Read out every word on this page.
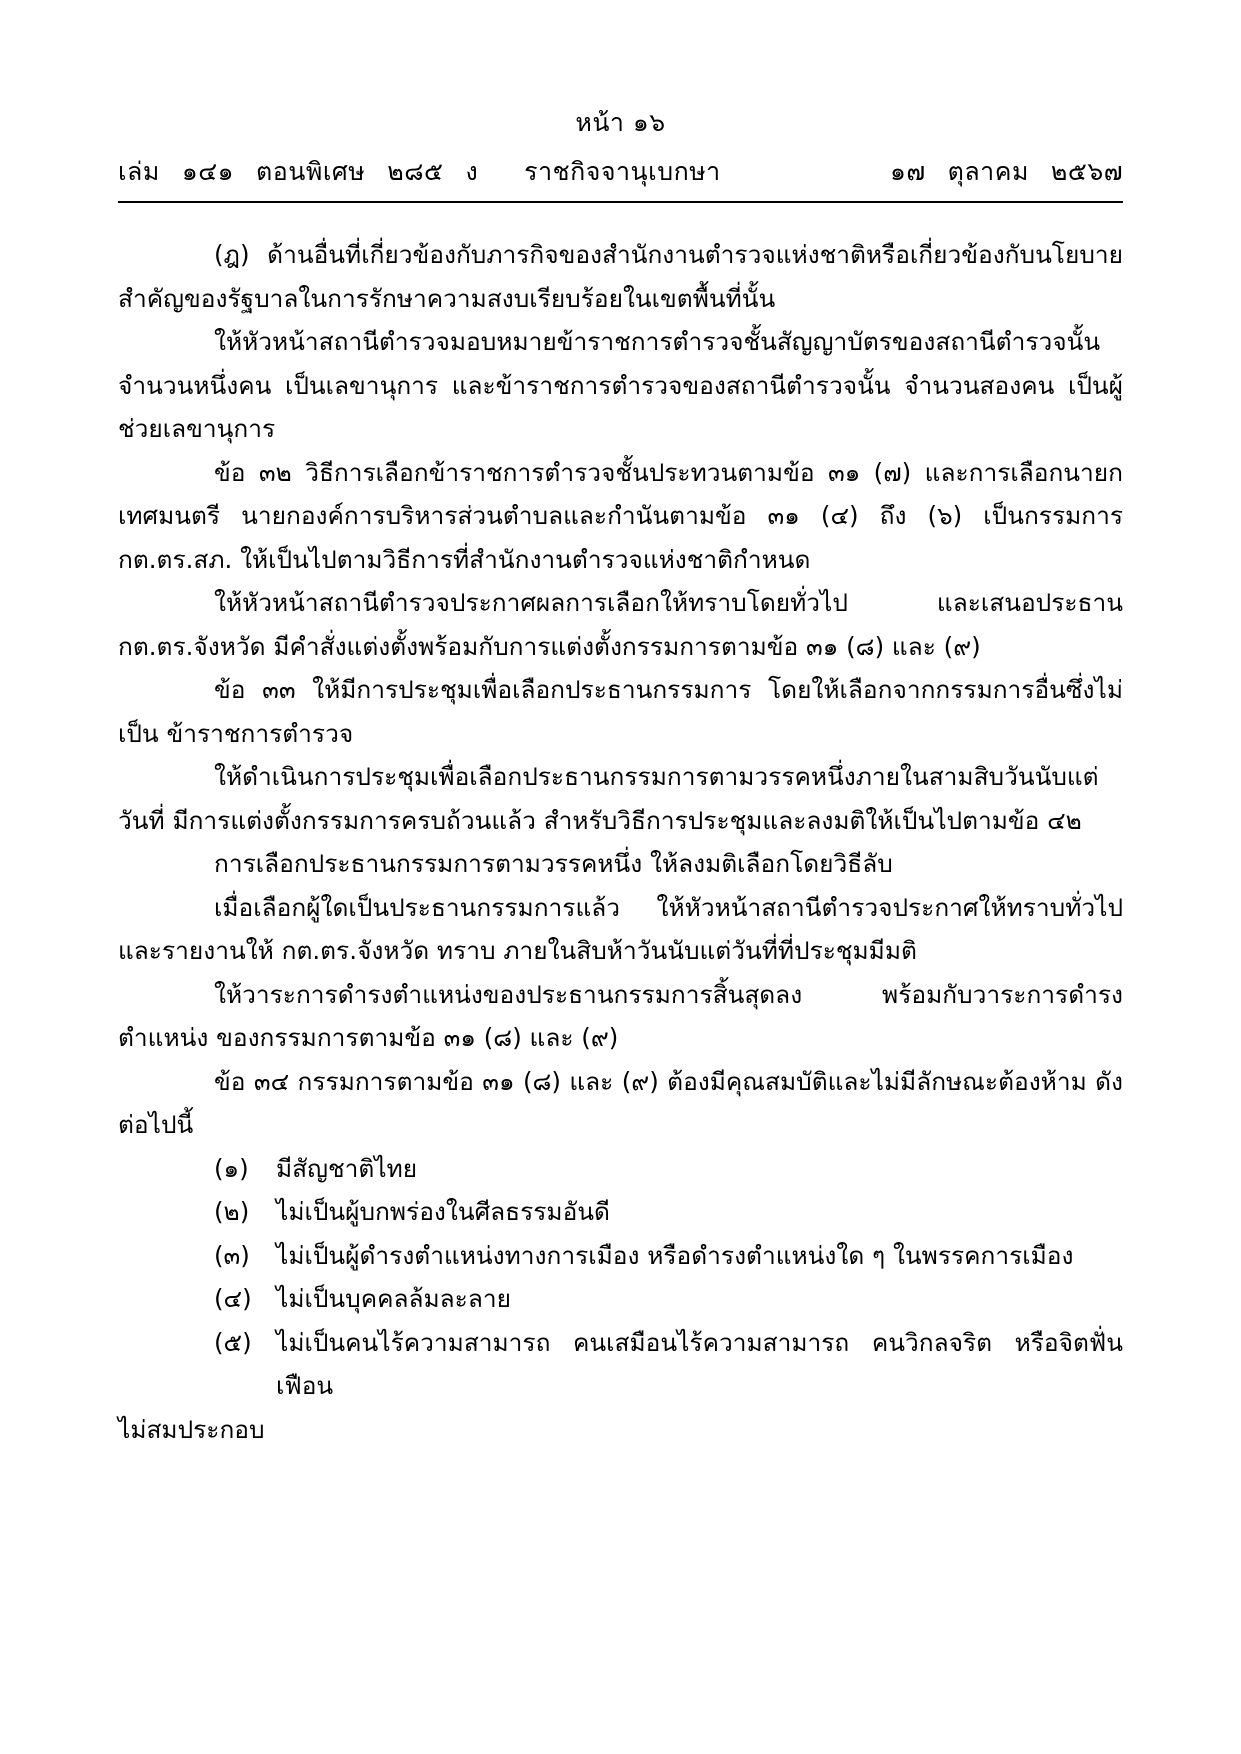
หน้า ๑๖
เล่ม ๑๔๑ ตอนพิเศษ ๒๘๕ ง ราชกิจจานุเบกษา	๑๗ ตุลาคม ๒๕๖๗

(ฎ) ด้านอื่นที่เกี่ยวข้องกับภารกิจของสำนักงานตำรวจแห่งชาติหรือเกี่ยวข้องกับนโยบายสำคัญของรัฐบาลในการรักษาความสงบเรียบร้อยในเขตพื้นที่นั้น

ให้หัวหน้าสถานีตำรวจมอบหมายข้าราชการตำรวจชั้นสัญญาบัตรของสถานีตำรวจนั้น จำนวนหนึ่งคน เป็นเลขานุการ และข้าราชการตำรวจของสถานีตำรวจนั้น จำนวนสองคน เป็นผู้ช่วยเลขานุการ

ข้อ ๓๒ วิธีการเลือกข้าราชการตำรวจชั้นประทวนตามข้อ ๓๑ (๗) และการเลือกนายกเทศมนตรี นายกองค์การบริหารส่วนตำบลและกำนันตามข้อ ๓๑ (๔) ถึง (๖) เป็นกรรมการ กต.ตร.สภ. ให้เป็นไปตามวิธีการที่สำนักงานตำรวจแห่งชาติกำหนด

ให้หัวหน้าสถานีตำรวจประกาศผลการเลือกให้ทราบโดยทั่วไป และเสนอประธาน กต.ตร.จังหวัด มีคำสั่งแต่งตั้งพร้อมกับการแต่งตั้งกรรมการตามข้อ ๓๑ (๘) และ (๙)

ข้อ ๓๓ ให้มีการประชุมเพื่อเลือกประธานกรรมการ โดยให้เลือกจากกรรมการอื่นซึ่งไม่เป็น ข้าราชการตำรวจ

ให้ดำเนินการประชุมเพื่อเลือกประธานกรรมการตามวรรคหนึ่งภายในสามสิบวันนับแต่วันที่ มีการแต่งตั้งกรรมการครบถ้วนแล้ว สำหรับวิธีการประชุมและลงมติให้เป็นไปตามข้อ ๔๒

การเลือกประธานกรรมการตามวรรคหนึ่ง ให้ลงมติเลือกโดยวิธีลับ

เมื่อเลือกผู้ใดเป็นประธานกรรมการแล้ว ให้หัวหน้าสถานีตำรวจประกาศให้ทราบทั่วไป และรายงานให้ กต.ตร.จังหวัด ทราบ ภายในสิบห้าวันนับแต่วันที่ที่ประชุมมีมติ

ให้วาระการดำรงตำแหน่งของประธานกรรมการสิ้นสุดลง พร้อมกับวาระการดำรงตำแหน่ง ของกรรมการตามข้อ ๓๑ (๘) และ (๙)

ข้อ ๓๔ กรรมการตามข้อ ๓๑ (๘) และ (๙) ต้องมีคุณสมบัติและไม่มีลักษณะต้องห้าม ดังต่อไปนี้

(๑)	มีสัญชาติไทย
(๒)	ไม่เป็นผู้บกพร่องในศีลธรรมอันดี
(๓)	ไม่เป็นผู้ดำรงตำแหน่งทางการเมือง หรือดำรงตำแหน่งใด ๆ ในพรรคการเมือง
(๔) ไม่เป็นบุคคลล้มละลาย
(๕) ไม่เป็นคนไร้ความสามารถ คนเสมือนไร้ความสามารถ คนวิกลจริต หรือจิตฟั่นเฟือน

ไม่สมประกอบ
